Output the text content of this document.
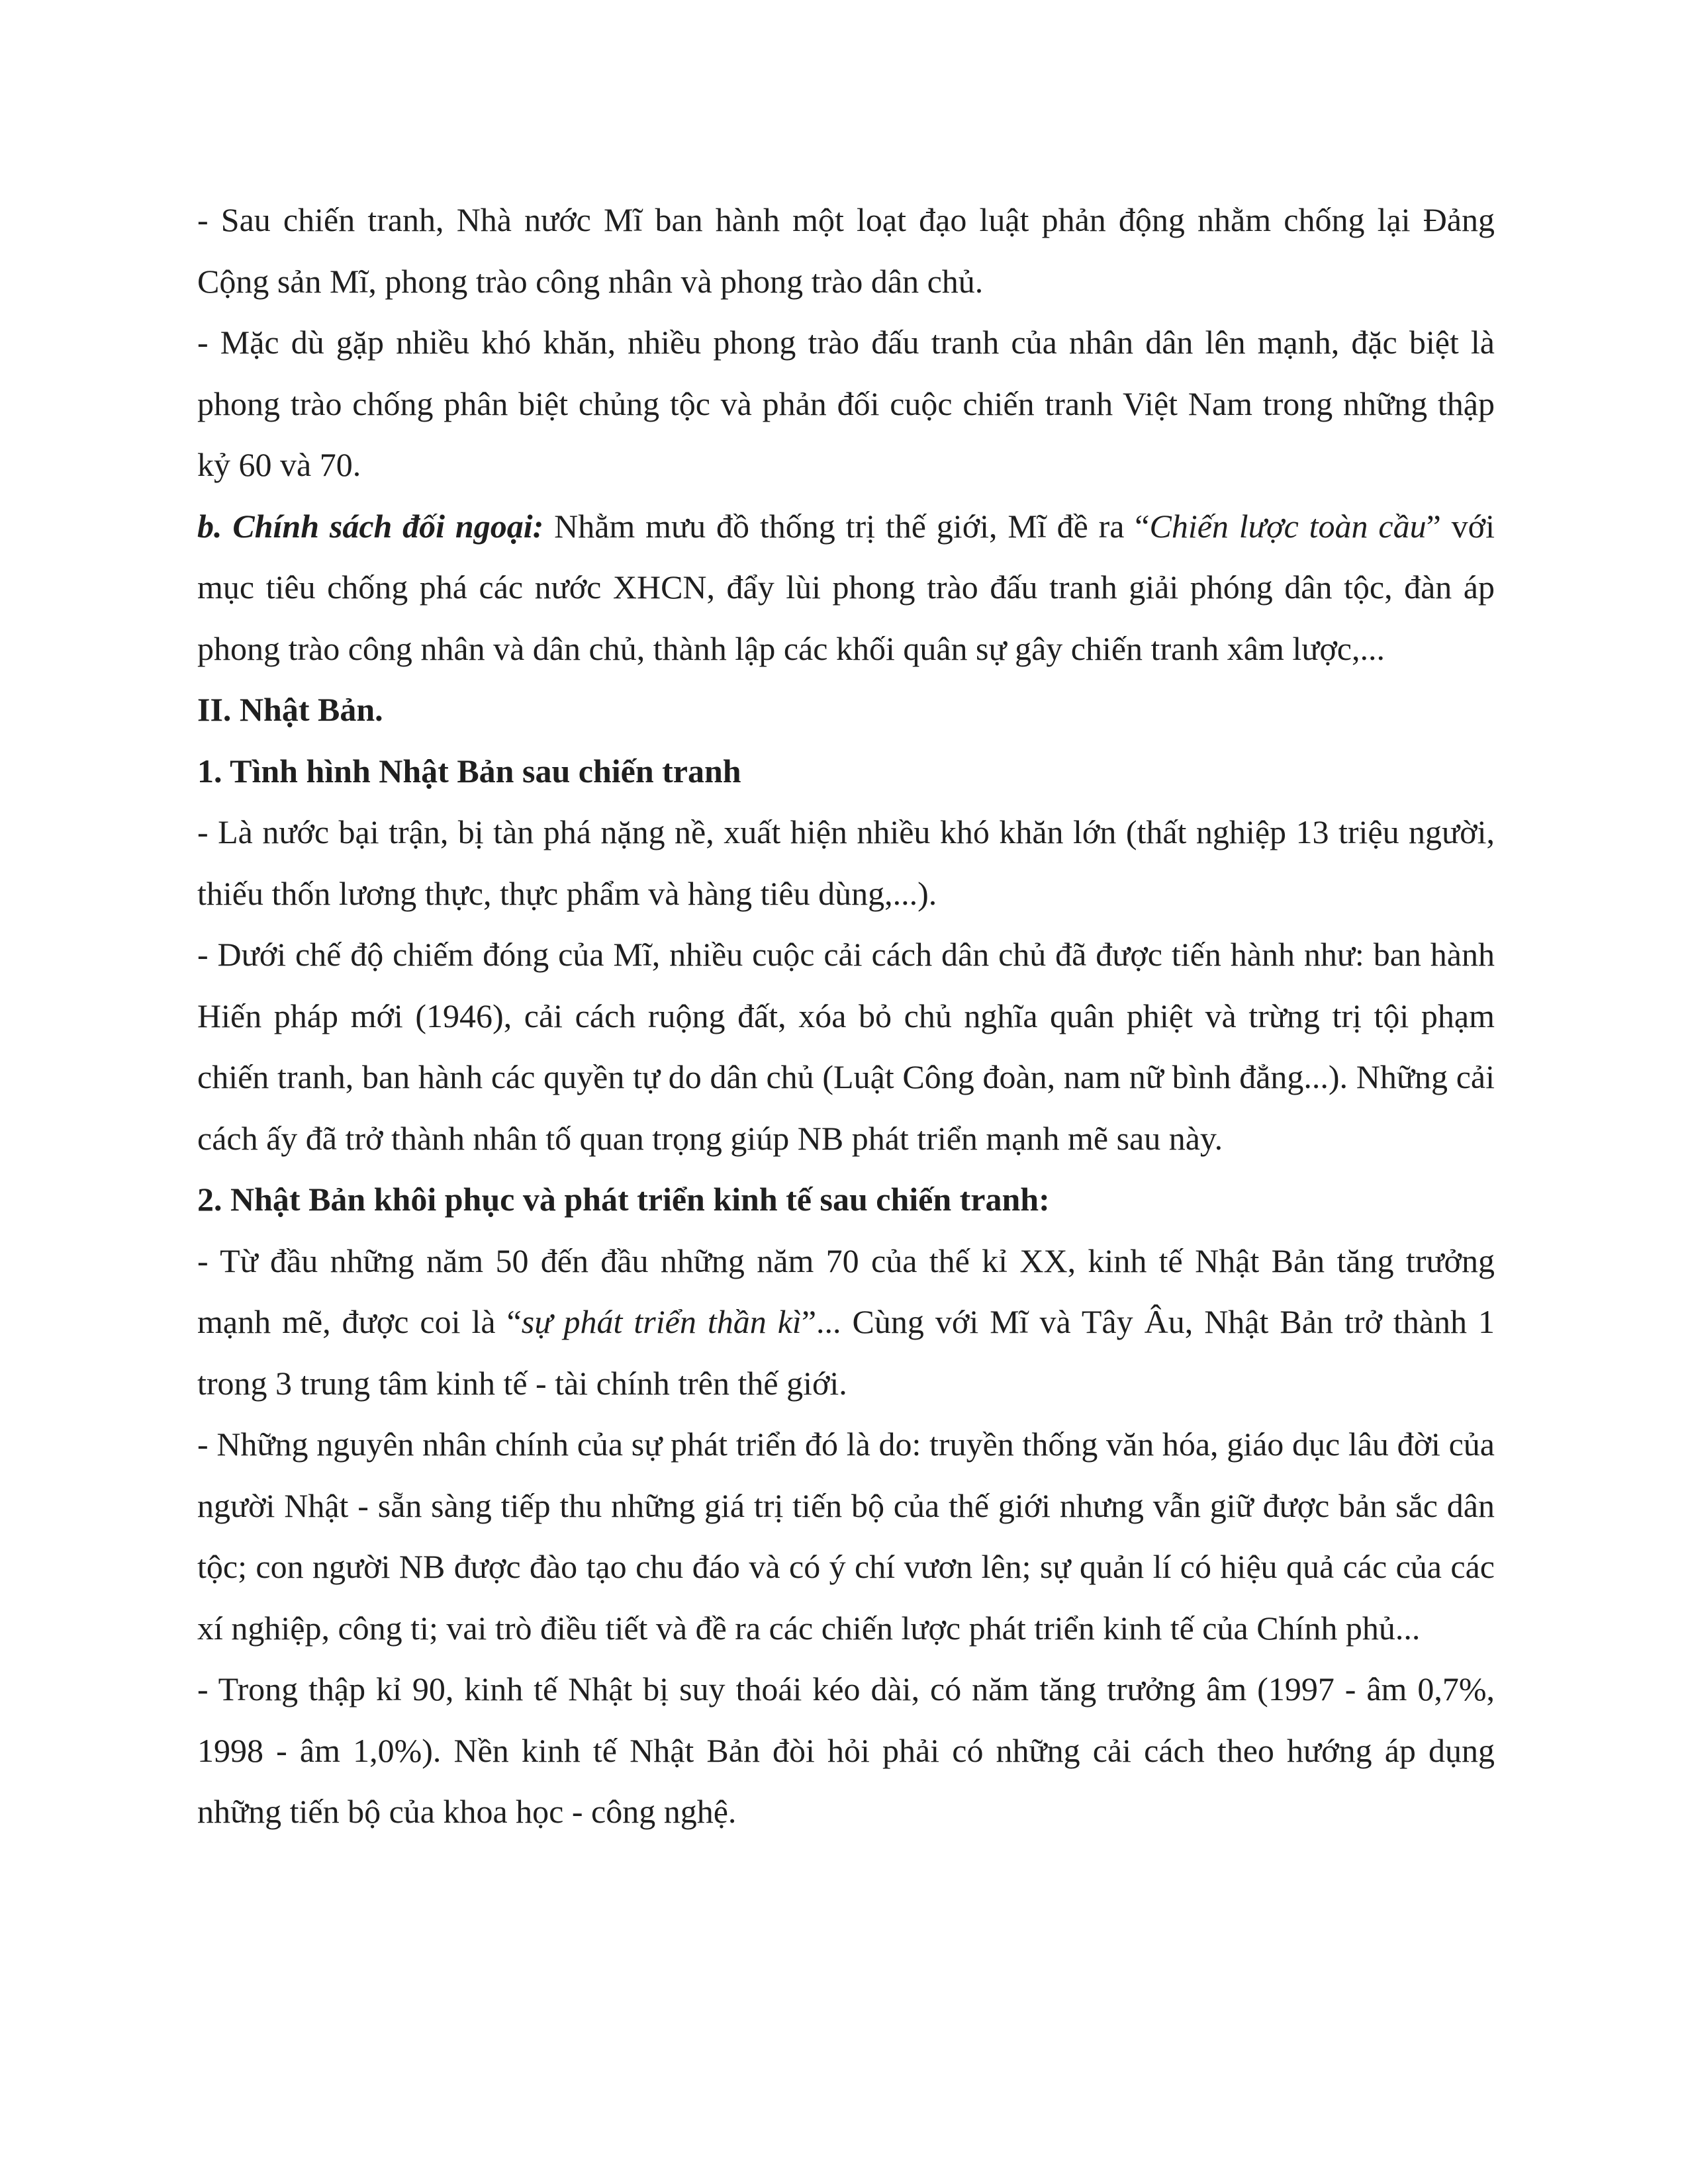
- Sau chiến tranh, Nhà nước Mĩ ban hành một loạt đạo luật phản động nhằm chống lại Đảng Cộng sản Mĩ, phong trào công nhân và phong trào dân chủ.

- Mặc dù gặp nhiều khó khăn, nhiều phong trào đấu tranh của nhân dân lên mạnh, đặc biệt là phong trào chống phân biệt chủng tộc và phản đối cuộc chiến tranh Việt Nam trong những thập kỷ 60 và 70.

b. Chính sách đối ngoại: Nhằm mưu đồ thống trị thế giới, Mĩ đề ra “Chiến lược toàn cầu” với mục tiêu chống phá các nước XHCN, đẩy lùi phong trào đấu tranh giải phóng dân tộc, đàn áp phong trào công nhân và dân chủ, thành lập các khối quân sự gây chiến tranh xâm lược,...

II. Nhật Bản.

1. Tình hình Nhật Bản sau chiến tranh

- Là nước bại trận, bị tàn phá nặng nề, xuất hiện nhiều khó khăn lớn (thất nghiệp 13 triệu người, thiếu thốn lương thực, thực phẩm và hàng tiêu dùng,...).

- Dưới chế độ chiếm đóng của Mĩ, nhiều cuộc cải cách dân chủ đã được tiến hành như: ban hành Hiến pháp mới (1946), cải cách ruộng đất, xóa bỏ chủ nghĩa quân phiệt và trừng trị tội phạm chiến tranh, ban hành các quyền tự do dân chủ (Luật Công đoàn, nam nữ bình đẳng...). Những cải cách ấy đã trở thành nhân tố quan trọng giúp NB phát triển mạnh mẽ sau này.

2. Nhật Bản khôi phục và phát triển kinh tế sau chiến tranh:

- Từ đầu những năm 50 đến đầu những năm 70 của thế kỉ XX, kinh tế Nhật Bản tăng trưởng mạnh mẽ, được coi là “sự phát triển thần kì”... Cùng với Mĩ và Tây Âu, Nhật Bản trở thành 1 trong 3 trung tâm kinh tế - tài chính trên thế giới.

- Những nguyên nhân chính của sự phát triển đó là do: truyền thống văn hóa, giáo dục lâu đời của người Nhật - sẵn sàng tiếp thu những giá trị tiến bộ của thế giới nhưng vẫn giữ được bản sắc dân tộc; con người NB được đào tạo chu đáo và có ý chí vươn lên; sự quản lí có hiệu quả các của các xí nghiệp, công ti; vai trò điều tiết và đề ra các chiến lược phát triển kinh tế của Chính phủ...

- Trong thập kỉ 90, kinh tế Nhật bị suy thoái kéo dài, có năm tăng trưởng âm (1997 - âm 0,7%, 1998 - âm 1,0%). Nền kinh tế Nhật Bản đòi hỏi phải có những cải cách theo hướng áp dụng những tiến bộ của khoa học - công nghệ.
